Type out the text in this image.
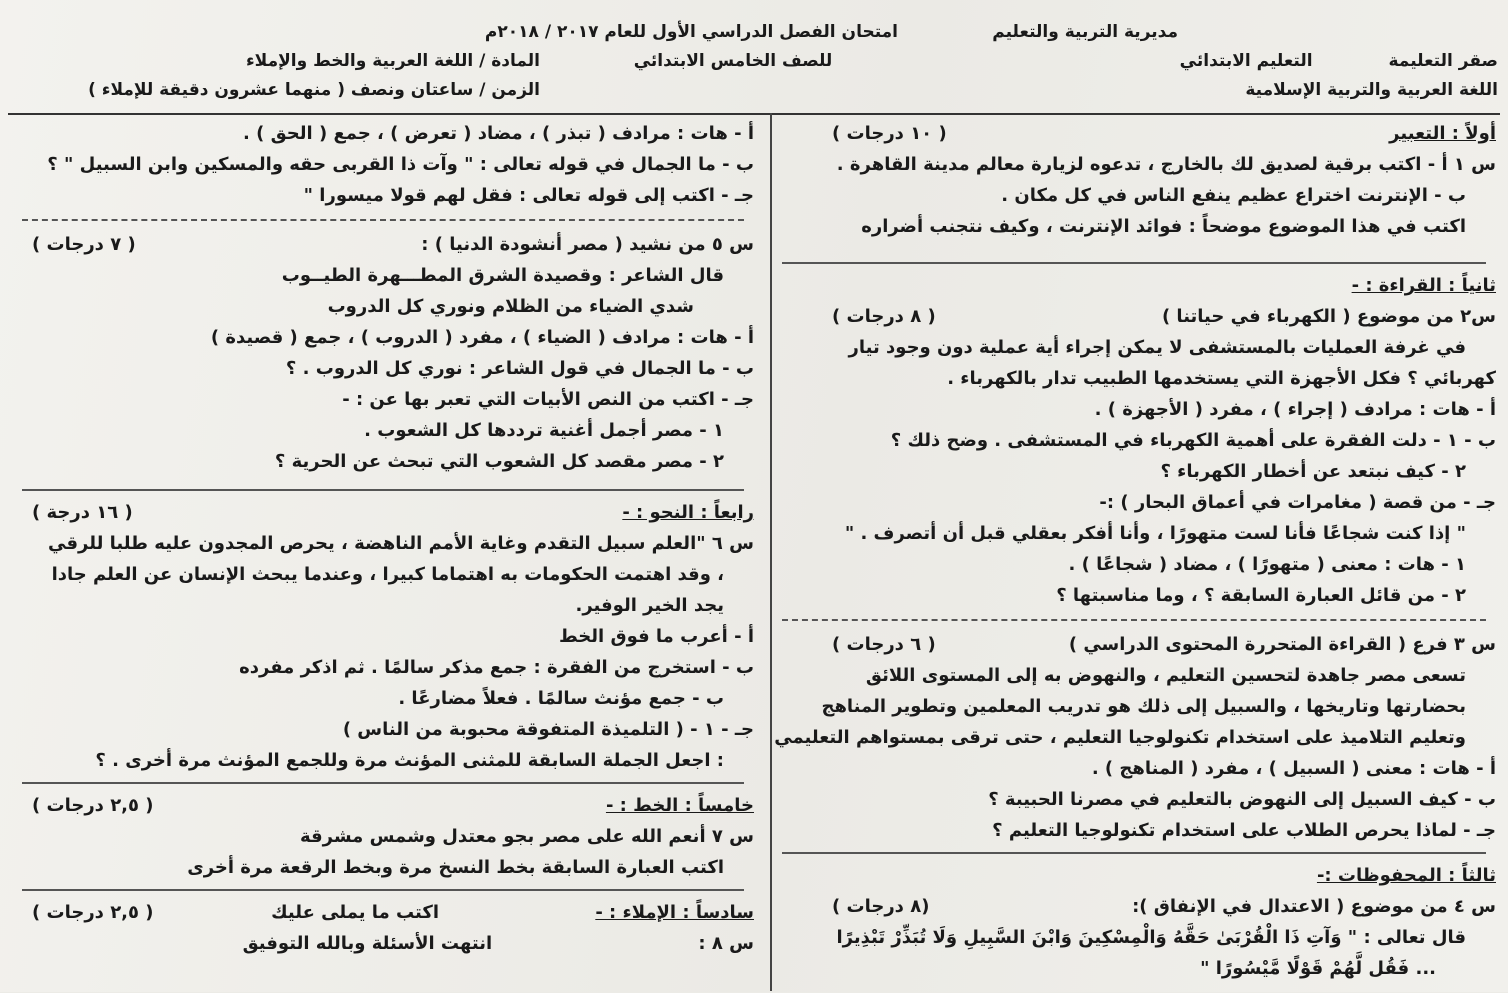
مديرية التربية والتعليم
صقر التعليمة التعليم الابتدائي
اللغة العربية والتربية الإسلامية
امتحان الفصل الدراسي الأول للعام ٢٠١٧ / ٢٠١٨م
للصف الخامس الابتدائي
المادة / اللغة العربية والخط والإملاء
الزمن / ساعتان ونصف ( منهما عشرون دقيقة للإملاء )
أولاً : التعبير
( ١٠ درجات )
س ١ أ - اكتب برقية لصديق لك بالخارج ، تدعوه لزيارة معالم مدينة القاهرة .
ب - الإنترنت اختراع عظيم ينفع الناس في كل مكان .
اكتب في هذا الموضوع موضحاً : فوائد الإنترنت ، وكيف نتجنب أضراره
ثانياً : القراءة : -
س٢ من موضوع ( الكهرباء في حياتنا )
( ٨ درجات )
في غرفة العمليات بالمستشفى لا يمكن إجراء أية عملية دون وجود تيار
كهربائي ؟ فكل الأجهزة التي يستخدمها الطبيب تدار بالكهرباء .
أ - هات : مرادف ( إجراء ) ، مفرد ( الأجهزة ) .
ب - ١ - دلت الفقرة على أهمية الكهرباء في المستشفى . وضح ذلك ؟
٢ - كيف نبتعد عن أخطار الكهرباء ؟
جـ - من قصة ( مغامرات في أعماق البحار ) :-
" إذا كنت شجاعًا فأنا لست متهورًا ، وأنا أفكر بعقلي قبل أن أتصرف . "
١ - هات : معنى ( متهورًا ) ، مضاد ( شجاعًا ) .
٢ - من قائل العبارة السابقة ؟ ، وما مناسبتها ؟
س ٣ فرع ( القراءة المتحررة المحتوى الدراسي )
( ٦ درجات )
تسعى مصر جاهدة لتحسين التعليم ، والنهوض به إلى المستوى اللائق
بحضارتها وتاريخها ، والسبيل إلى ذلك هو تدريب المعلمين وتطوير المناهج
وتعليم التلاميذ على استخدام تكنولوجيا التعليم ، حتى ترقى بمستواهم التعليمي
أ - هات : معنى ( السبيل ) ، مفرد ( المناهج ) .
ب - كيف السبيل إلى النهوض بالتعليم في مصرنا الحبيبة ؟
جـ - لماذا يحرص الطلاب على استخدام تكنولوجيا التعليم ؟
ثالثاً : المحفوظات :-
س ٤ من موضوع ( الاعتدال في الإنفاق ):
(٨ درجات )
قال تعالى : " وَآتِ ذَا الْقُرْبَىٰ حَقَّهُ وَالْمِسْكِينَ وَابْنَ السَّبِيلِ وَلَا تُبَذِّرْ تَبْذِيرًا
... فَقُل لَّهُمْ قَوْلًا مَّيْسُورًا "
أ - هات : مرادف ( تبذر ) ، مضاد ( تعرض ) ، جمع ( الحق ) .
ب - ما الجمال في قوله تعالى : " وآت ذا القربى حقه والمسكين وابن السبيل " ؟
جـ - اكتب إلى قوله تعالى : فقل لهم قولا ميسورا "
س ٥ من نشيد ( مصر أنشودة الدنيا ) :
( ٧ درجات )
قال الشاعر : وقصيدة الشرق المطـــهرة الطيــوب
شدي الضياء من الظلام ونوري كل الدروب
أ - هات : مرادف ( الضياء ) ، مفرد ( الدروب ) ، جمع ( قصيدة )
ب - ما الجمال في قول الشاعر : نوري كل الدروب . ؟
جـ - اكتب من النص الأبيات التي تعبر بها عن : -
١ - مصر أجمل أغنية ترددها كل الشعوب .
٢ - مصر مقصد كل الشعوب التي تبحث عن الحرية ؟
رابعاً : النحو : -
( ١٦ درجة )
س ٦ "العلم سبيل التقدم وغاية الأمم الناهضة ، يحرص المجدون عليه طلبا للرقي
، وقد اهتمت الحكومات به اهتماما كبيرا ، وعندما يبحث الإنسان عن العلم جادا
يجد الخير الوفير.
أ - أعرب ما فوق الخط
ب - استخرج من الفقرة : جمع مذكر سالمًا . ثم اذكر مفرده
ب - جمع مؤنث سالمًا . فعلاً مضارعًا .
جـ - ١ - ( التلميذة المتفوقة محبوبة من الناس )
: اجعل الجملة السابقة للمثنى المؤنث مرة وللجمع المؤنث مرة أخرى . ؟
خامساً : الخط : -
( ٢,٥ درجات )
س ٧ أنعم الله على مصر بجو معتدل وشمس مشرقة
اكتب العبارة السابقة بخط النسخ مرة وبخط الرقعة مرة أخرى
سادساً : الإملاء : - اكتب ما يملى عليك
( ٢,٥ درجات )
س ٨ : انتهت الأسئلة وبالله التوفيق
